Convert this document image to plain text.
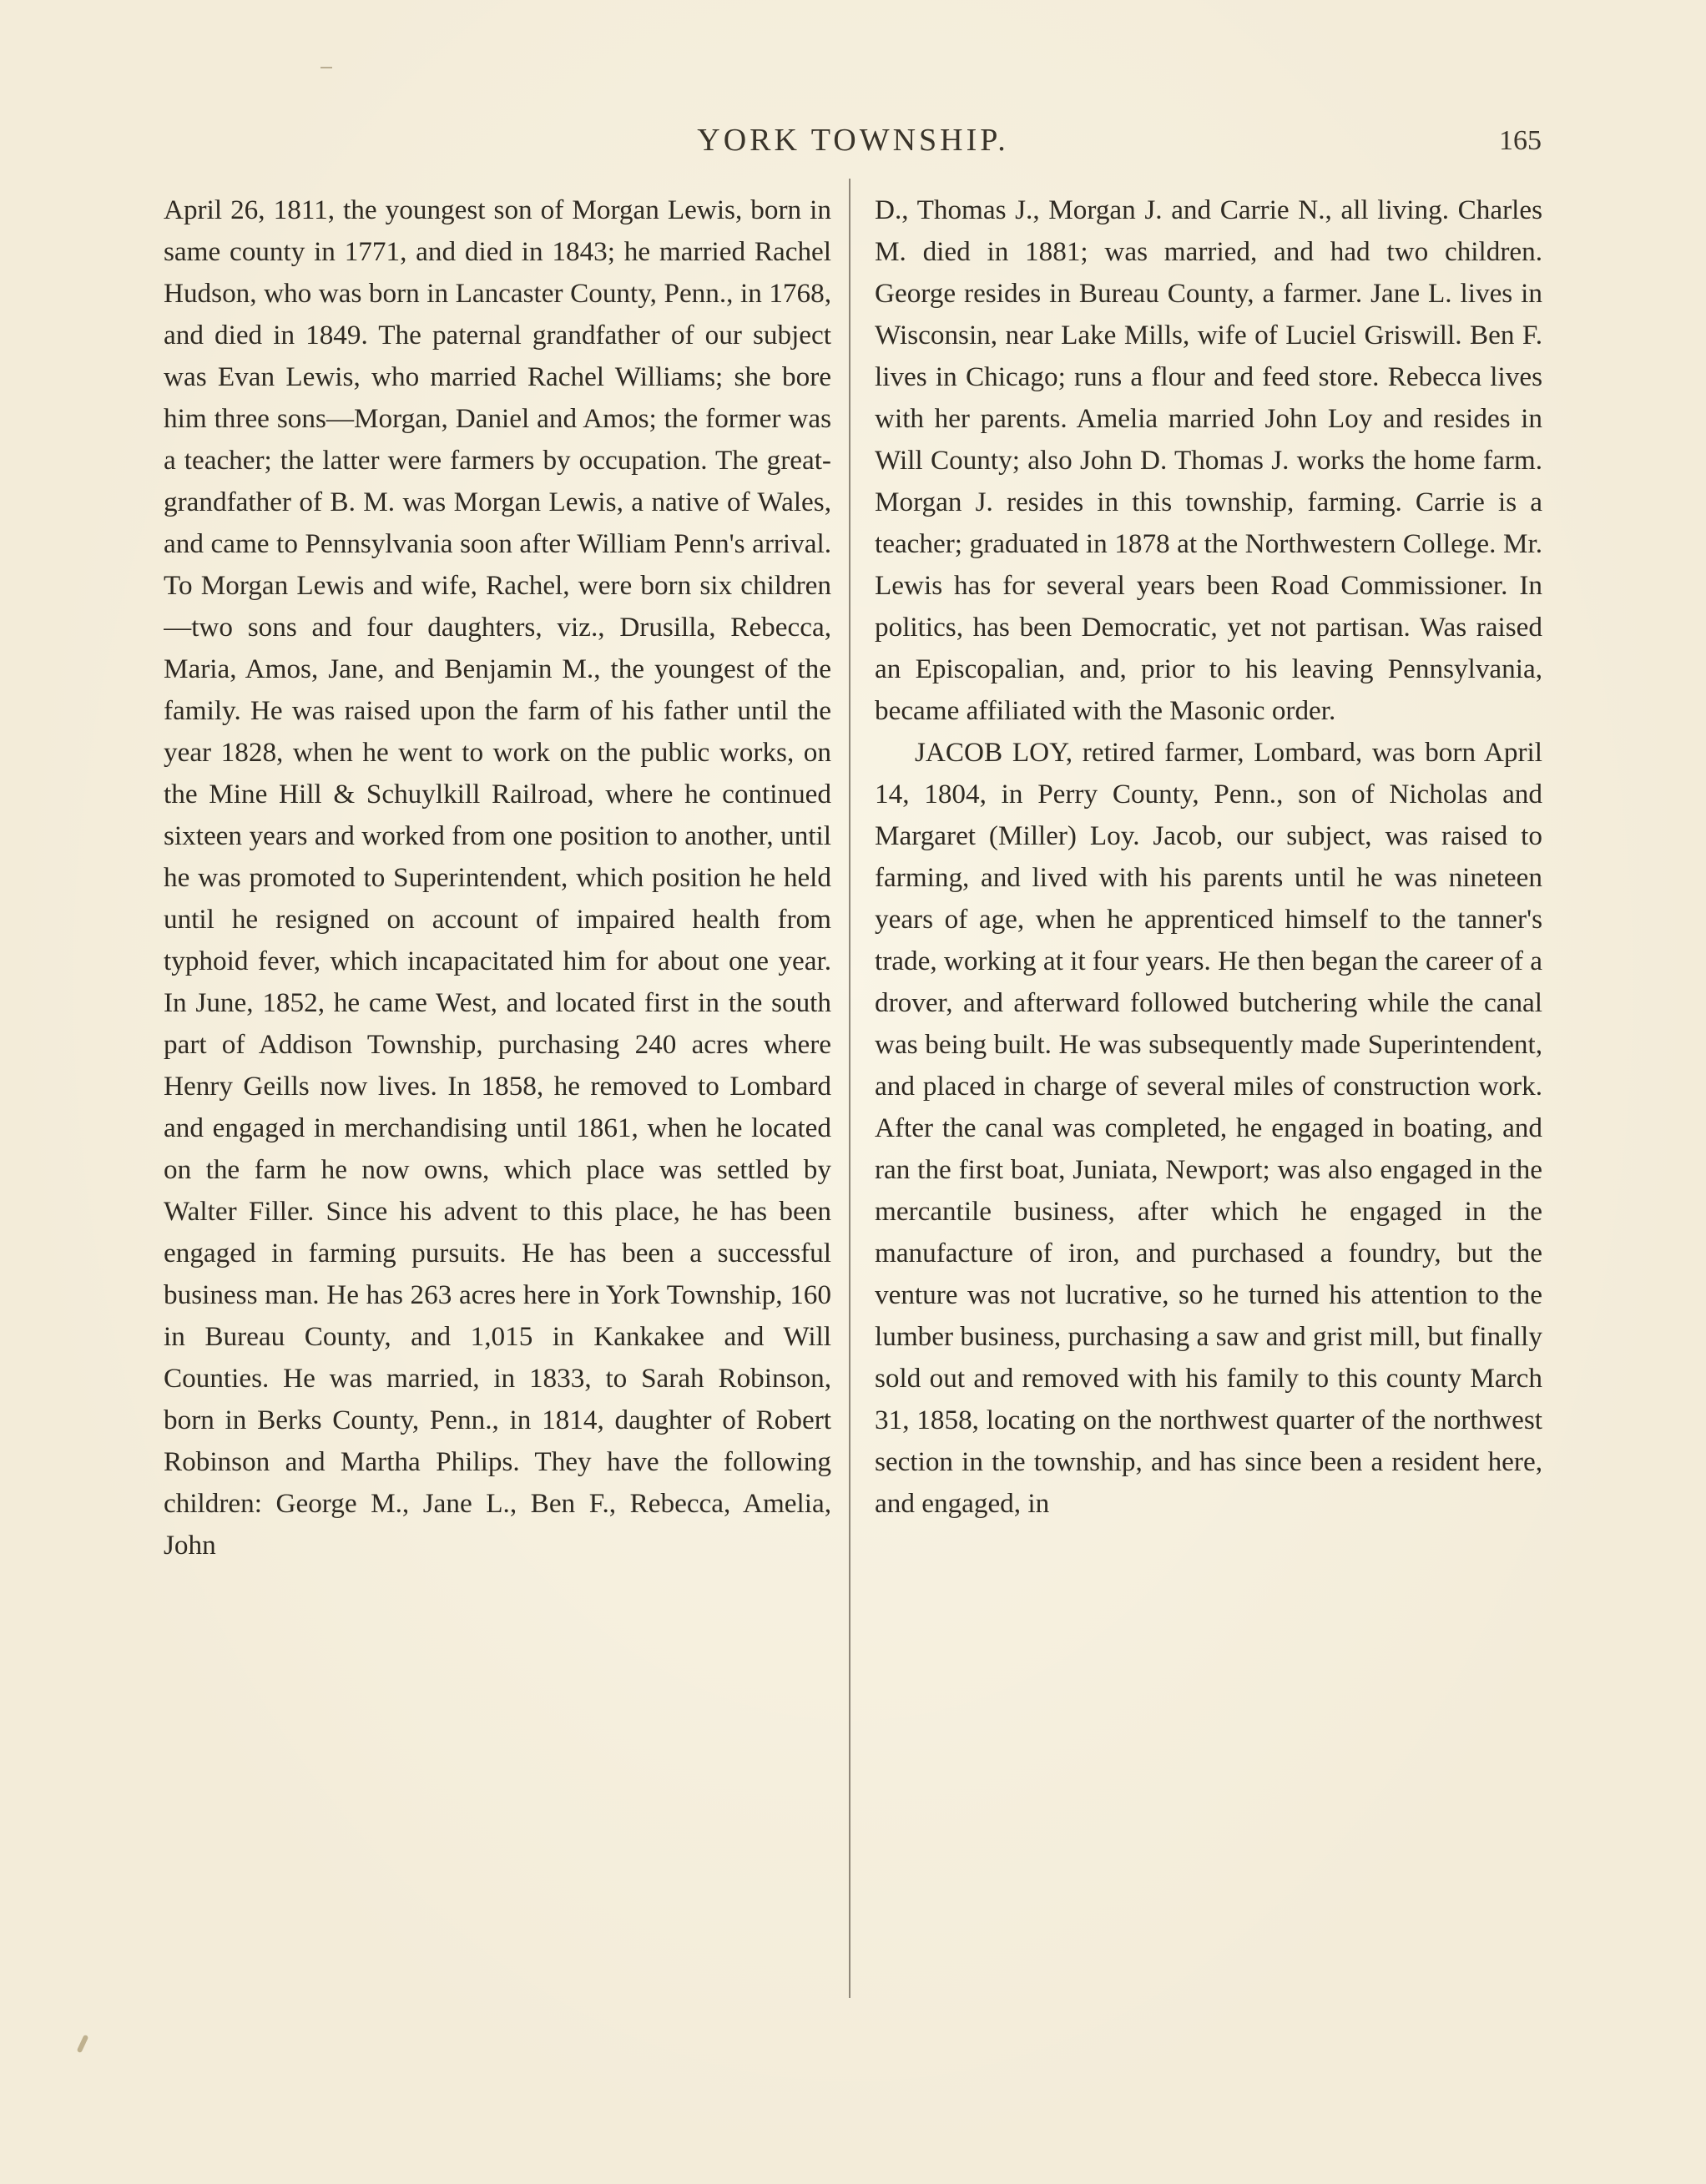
YORK TOWNSHIP.	165

April 26, 1811, the youngest son of Morgan Lewis, born in same county in 1771, and died in 1843; he married Rachel Hudson, who was born in Lancaster County, Penn., in 1768, and died in 1849. The paternal grandfather of our subject was Evan Lewis, who married Rachel Williams; she bore him three sons—Morgan, Daniel and Amos; the former was a teacher; the latter were farmers by occupation. The great-grandfather of B. M. was Morgan Lewis, a native of Wales, and came to Pennsylvania soon after William Penn's arrival. To Morgan Lewis and wife, Rachel, were born six children—two sons and four daughters, viz., Drusilla, Rebecca, Maria, Amos, Jane, and Benjamin M., the youngest of the family. He was raised upon the farm of his father until the year 1828, when he went to work on the public works, on the Mine Hill & Schuylkill Railroad, where he continued sixteen years and worked from one position to another, until he was promoted to Superintendent, which position he held until he resigned on account of impaired health from typhoid fever, which incapacitated him for about one year. In June, 1852, he came West, and located first in the south part of Addison Township, purchasing 240 acres where Henry Geills now lives. In 1858, he removed to Lombard and engaged in merchandising until 1861, when he located on the farm he now owns, which place was settled by Walter Filler. Since his advent to this place, he has been engaged in farming pursuits. He has been a successful business man. He has 263 acres here in York Township, 160 in Bureau County, and 1,015 in Kankakee and Will Counties. He was married, in 1833, to Sarah Robinson, born in Berks County, Penn., in 1814, daughter of Robert Robinson and Martha Philips. They have the following children: George M., Jane L., Ben F., Rebecca, Amelia, John

D., Thomas J., Morgan J. and Carrie N., all living. Charles M. died in 1881; was married, and had two children. George resides in Bureau County, a farmer. Jane L. lives in Wisconsin, near Lake Mills, wife of Luciel Griswill. Ben F. lives in Chicago; runs a flour and feed store. Rebecca lives with her parents. Amelia married John Loy and resides in Will County; also John D. Thomas J. works the home farm. Morgan J. resides in this township, farming. Carrie is a teacher; graduated in 1878 at the Northwestern College. Mr. Lewis has for several years been Road Commissioner. In politics, has been Democratic, yet not partisan. Was raised an Episcopalian, and, prior to his leaving Pennsylvania, became affiliated with the Masonic order.

JACOB LOY, retired farmer, Lombard, was born April 14, 1804, in Perry County, Penn., son of Nicholas and Margaret (Miller) Loy. Jacob, our subject, was raised to farming, and lived with his parents until he was nineteen years of age, when he apprenticed himself to the tanner's trade, working at it four years. He then began the career of a drover, and afterward followed butchering while the canal was being built. He was subsequently made Superintendent, and placed in charge of several miles of construction work. After the canal was completed, he engaged in boating, and ran the first boat, Juniata, Newport; was also engaged in the mercantile business, after which he engaged in the manufacture of iron, and purchased a foundry, but the venture was not lucrative, so he turned his attention to the lumber business, purchasing a saw and grist mill, but finally sold out and removed with his family to this county March 31, 1858, locating on the northwest quarter of the northwest section in the township, and has since been a resident here, and engaged, in
